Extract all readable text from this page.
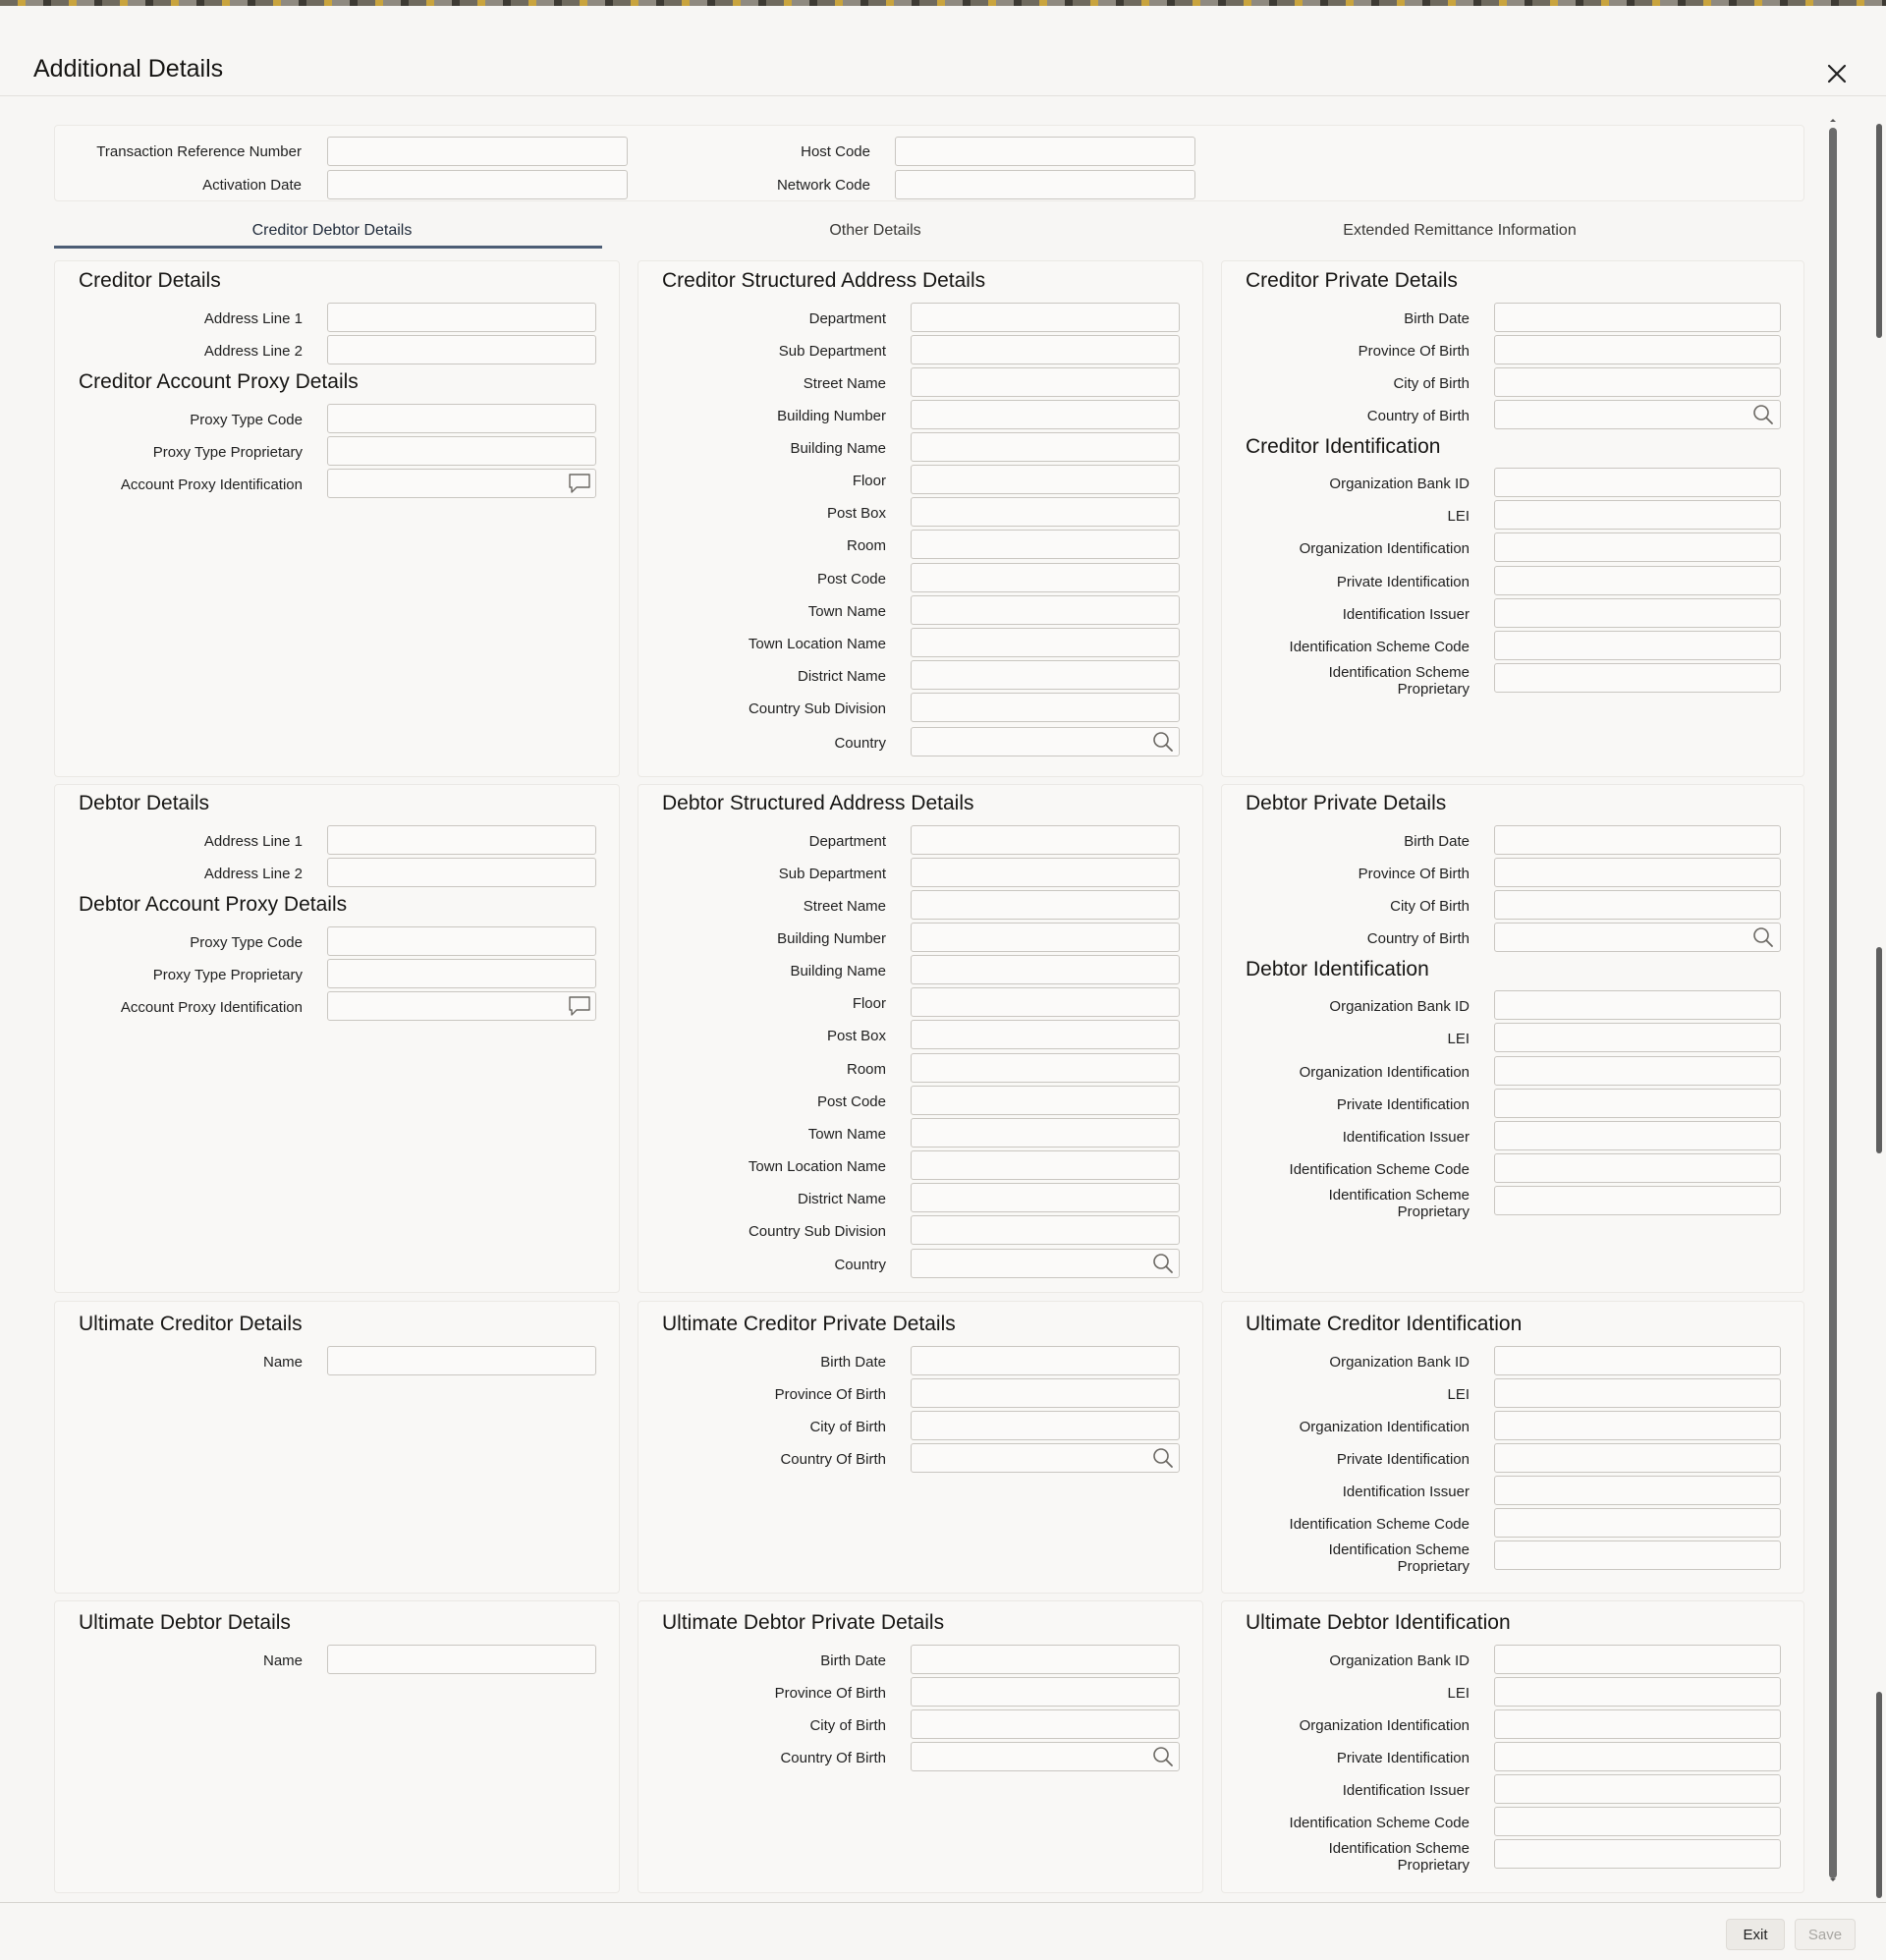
Additional Details
Transaction Reference Number
Activation Date
Host Code
Network Code
Creditor Debtor Details	Other Details	Extended Remittance Information
Creditor Details
Address Line 1
Address Line 2
Creditor Account Proxy Details
Proxy Type Code
Proxy Type Proprietary
Account Proxy Identification
Creditor Structured Address Details
Department
Sub Department
Street Name
Building Number
Building Name
Floor
Post Box
Room
Post Code
Town Name
Town Location Name
District Name
Country Sub Division
Country
Creditor Private Details
Birth Date
Province Of Birth
City of Birth
Country of Birth
Creditor Identification
Organization Bank ID
LEI
Organization Identification
Private Identification
Identification Issuer
Identification Scheme Code
Identification Scheme
Proprietary
Debtor Details
Address Line 1
Address Line 2
Debtor Account Proxy Details
Proxy Type Code
Proxy Type Proprietary
Account Proxy Identification
Debtor Structured Address Details
Department
Sub Department
Street Name
Building Number
Building Name
Floor
Post Box
Room
Post Code
Town Name
Town Location Name
District Name
Country Sub Division
Country
Debtor Private Details
Birth Date
Province Of Birth
City Of Birth
Country of Birth
Debtor Identification
Organization Bank ID
LEI
Organization Identification
Private Identification
Identification Issuer
Identification Scheme Code
Identification Scheme
Proprietary
Ultimate Creditor Details
Name
Ultimate Creditor Private Details
Birth Date
Province Of Birth
City of Birth
Country Of Birth
Ultimate Creditor Identification
Organization Bank ID
LEI
Organization Identification
Private Identification
Identification Issuer
Identification Scheme Code
Identification Scheme
Proprietary
Ultimate Debtor Details
Name
Ultimate Debtor Private Details
Birth Date
Province Of Birth
City of Birth
Country Of Birth
Ultimate Debtor Identification
Organization Bank ID
LEI
Organization Identification
Private Identification
Identification Issuer
Identification Scheme Code
Identification Scheme
Proprietary
Exit	Save
